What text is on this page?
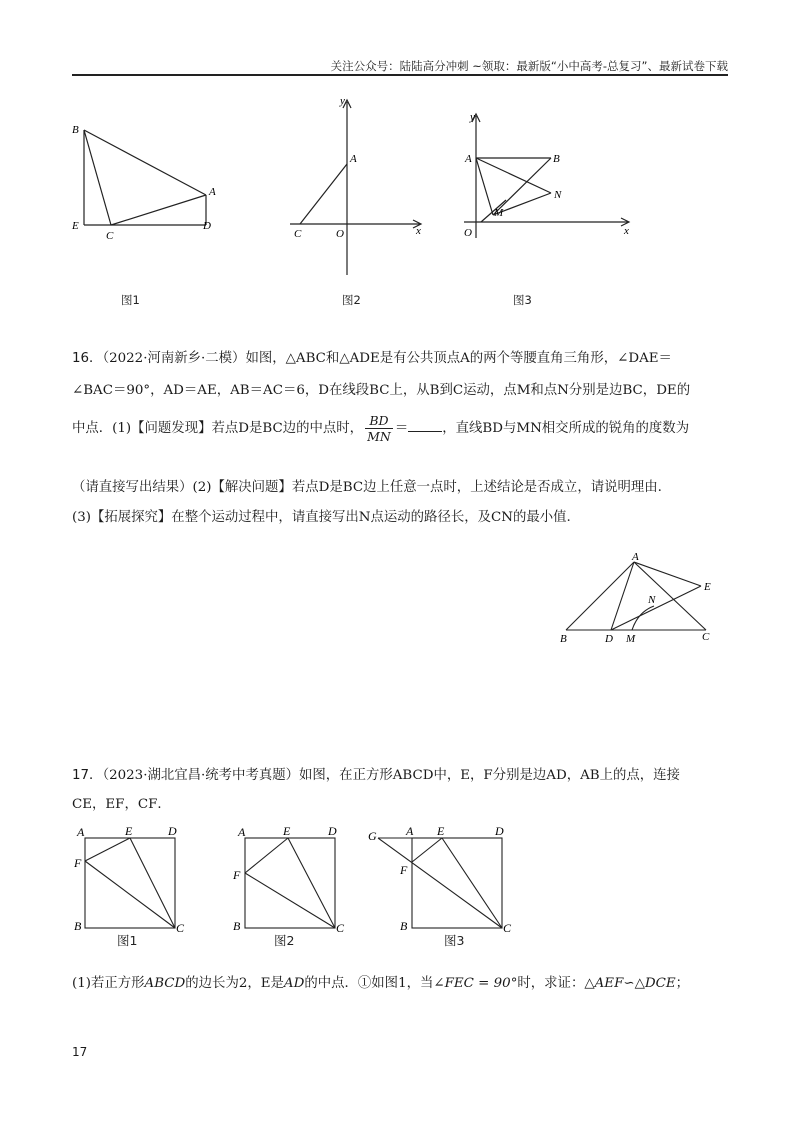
关注公众号：陆陆高分冲刺 ~领取：最新版“小中高考-总复习”、最新试卷下载
B
E
C
A
D
图1
y
A
C	O	x
图2
y
A	B
N
M
O	x
图3
16．（2022·河南新乡·二模）如图，△ABC和△ADE是有公共顶点A的两个等腰直角三角形，∠DAE＝
∠BAC＝90°，AD＝AE，AB＝AC＝6，D在线段BC上，从B到C运动，点M和点N分别是边BC，DE的
中点．(1)【问题发现】若点D是BC边的中点时， $\frac{BD}{MN}$ ＝	，直线BD与MN相交所成的锐角的度数为
（请直接写出结果）(2)【解决问题】若点D是BC边上任意一点时，上述结论是否成立，请说明理由.
(3)【拓展探究】在整个运动过程中，请直接写出N点运动的路径长，及CN的最小值.
A
E
N
B	D M	C
17．（2023·湖北宜昌·统考中考真题）如图，在正方形ABCD中，E，F分别是边AD，AB上的点，连接
CE，EF，CF．
A	E	D
F
B	C
图1
A	E	D
F
B	C
图2
G A E	D
F
B	C
图3
(1)若正方形ABCD的边长为2，E是AD的中点．①如图1，当∠FEC = 90°时，求证：△AEF∽△DCE；
17
